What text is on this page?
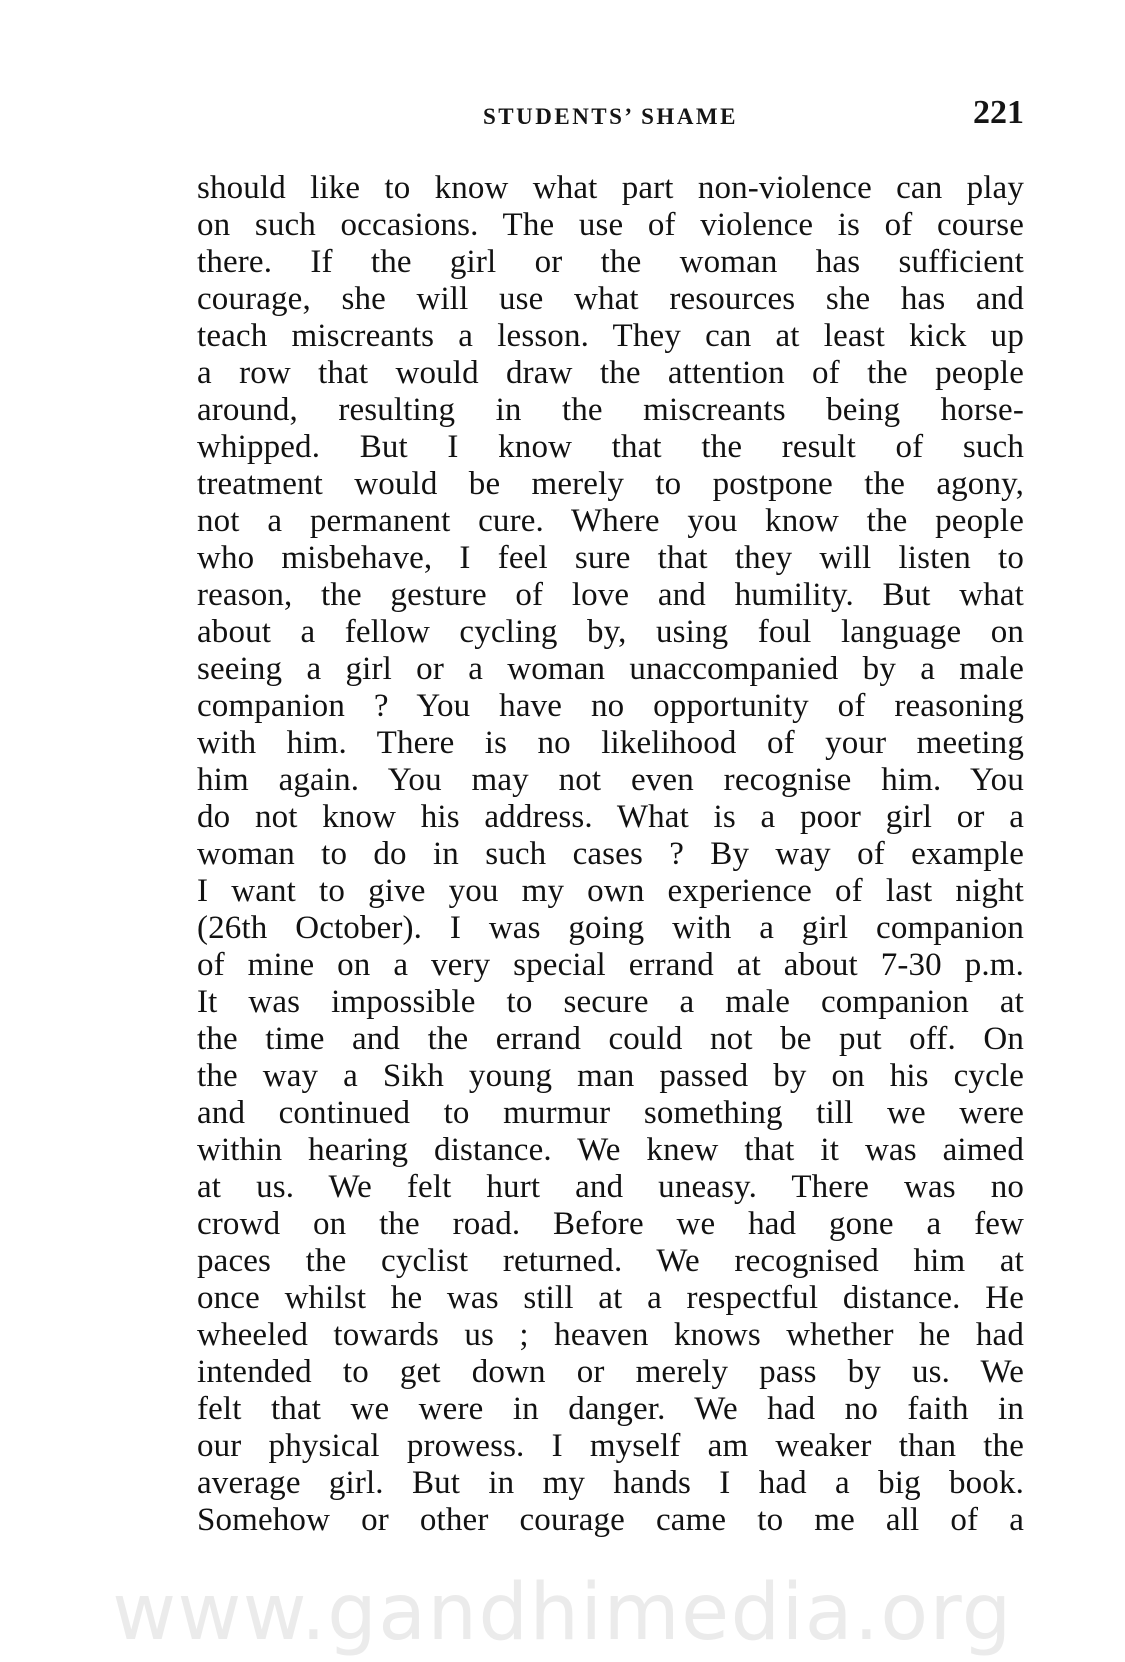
STUDENTS’ SHAME	221
should like to know what part non-violence can play
on such occasions. The use of violence is of course
there. If the girl or the woman has sufficient
courage, she will use what resources she has and
teach miscreants a lesson. They can at least kick up
a row that would draw the attention of the people
around, resulting in the miscreants being horse-
whipped. But I know that the result of such
treatment would be merely to postpone the agony,
not a permanent cure. Where you know the people
who misbehave, I feel sure that they will listen to
reason, the gesture of love and humility. But what
about a fellow cycling by, using foul language on
seeing a girl or a woman unaccompanied by a male
companion ? You have no opportunity of reasoning
with him. There is no likelihood of your meeting
him again. You may not even recognise him. You
do not know his address. What is a poor girl or a
woman to do in such cases ? By way of example
I want to give you my own experience of last night
(26th October). I was going with a girl companion
of mine on a very special errand at about 7-30 p.m.
It was impossible to secure a male companion at
the time and the errand could not be put off. On
the way a Sikh young man passed by on his cycle
and continued to murmur something till we were
within hearing distance. We knew that it was aimed
at us. We felt hurt and uneasy. There was no
crowd on the road. Before we had gone a few
paces the cyclist returned. We recognised him at
once whilst he was still at a respectful distance. He
wheeled towards us ; heaven knows whether he had
intended to get down or merely pass by us. We
felt that we were in danger. We had no faith in
our physical prowess. I myself am weaker than the
average girl. But in my hands I had a big book.
Somehow or other courage came to me all of a
www.gandhimedia.org
